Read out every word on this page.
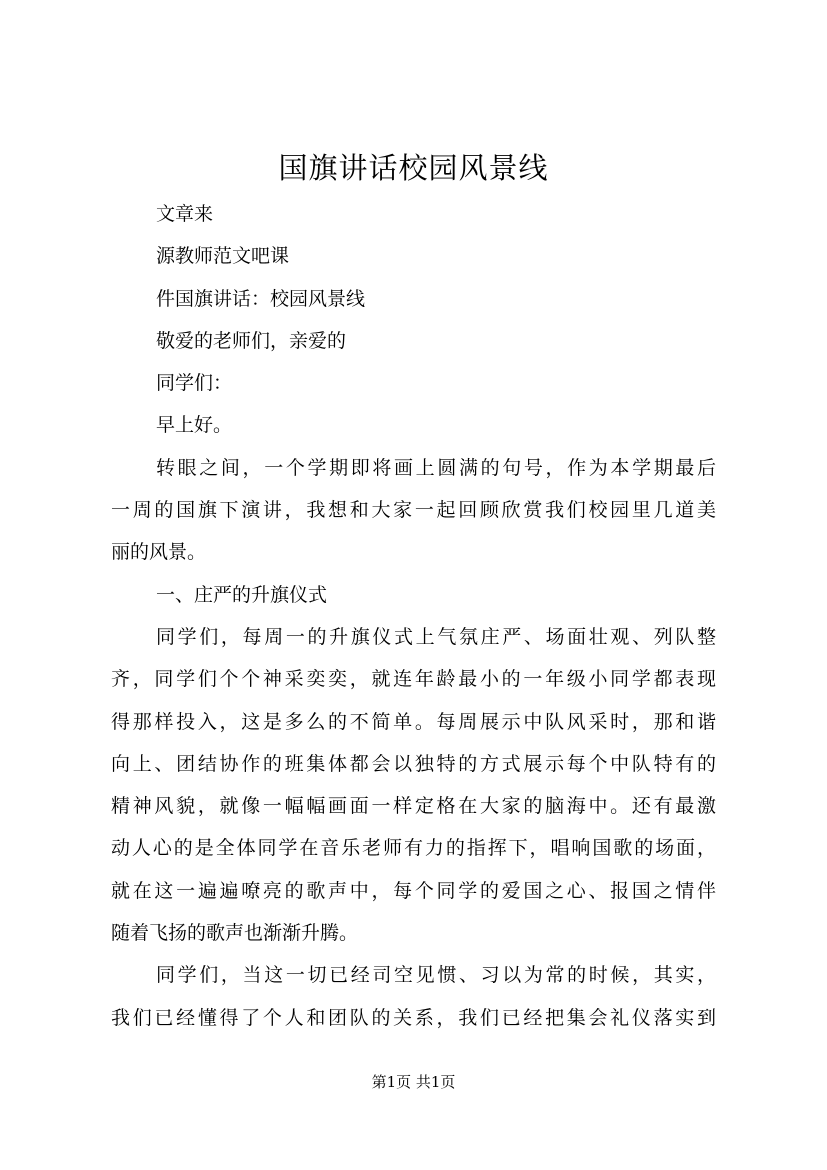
国旗讲话校园风景线

文章来

源教师范文吧课

件国旗讲话：校园风景线

敬爱的老师们，亲爱的

同学们：

早上好。

转眼之间，一个学期即将画上圆满的句号，作为本学期最后

一周的国旗下演讲，我想和大家一起回顾欣赏我们校园里几道美

丽的风景。

一、庄严的升旗仪式

同学们，每周一的升旗仪式上气氛庄严、场面壮观、列队整

齐，同学们个个神采奕奕，就连年龄最小的一年级小同学都表现

得那样投入，这是多么的不简单。每周展示中队风采时，那和谐

向上、团结协作的班集体都会以独特的方式展示每个中队特有的

精神风貌，就像一幅幅画面一样定格在大家的脑海中。还有最激

动人心的是全体同学在音乐老师有力的指挥下，唱响国歌的场面，

就在这一遍遍嘹亮的歌声中，每个同学的爱国之心、报国之情伴

随着飞扬的歌声也渐渐升腾。

同学们，当这一切已经司空见惯、习以为常的时候，其实，

我们已经懂得了个人和团队的关系，我们已经把集会礼仪落实到

第1页 共1页
